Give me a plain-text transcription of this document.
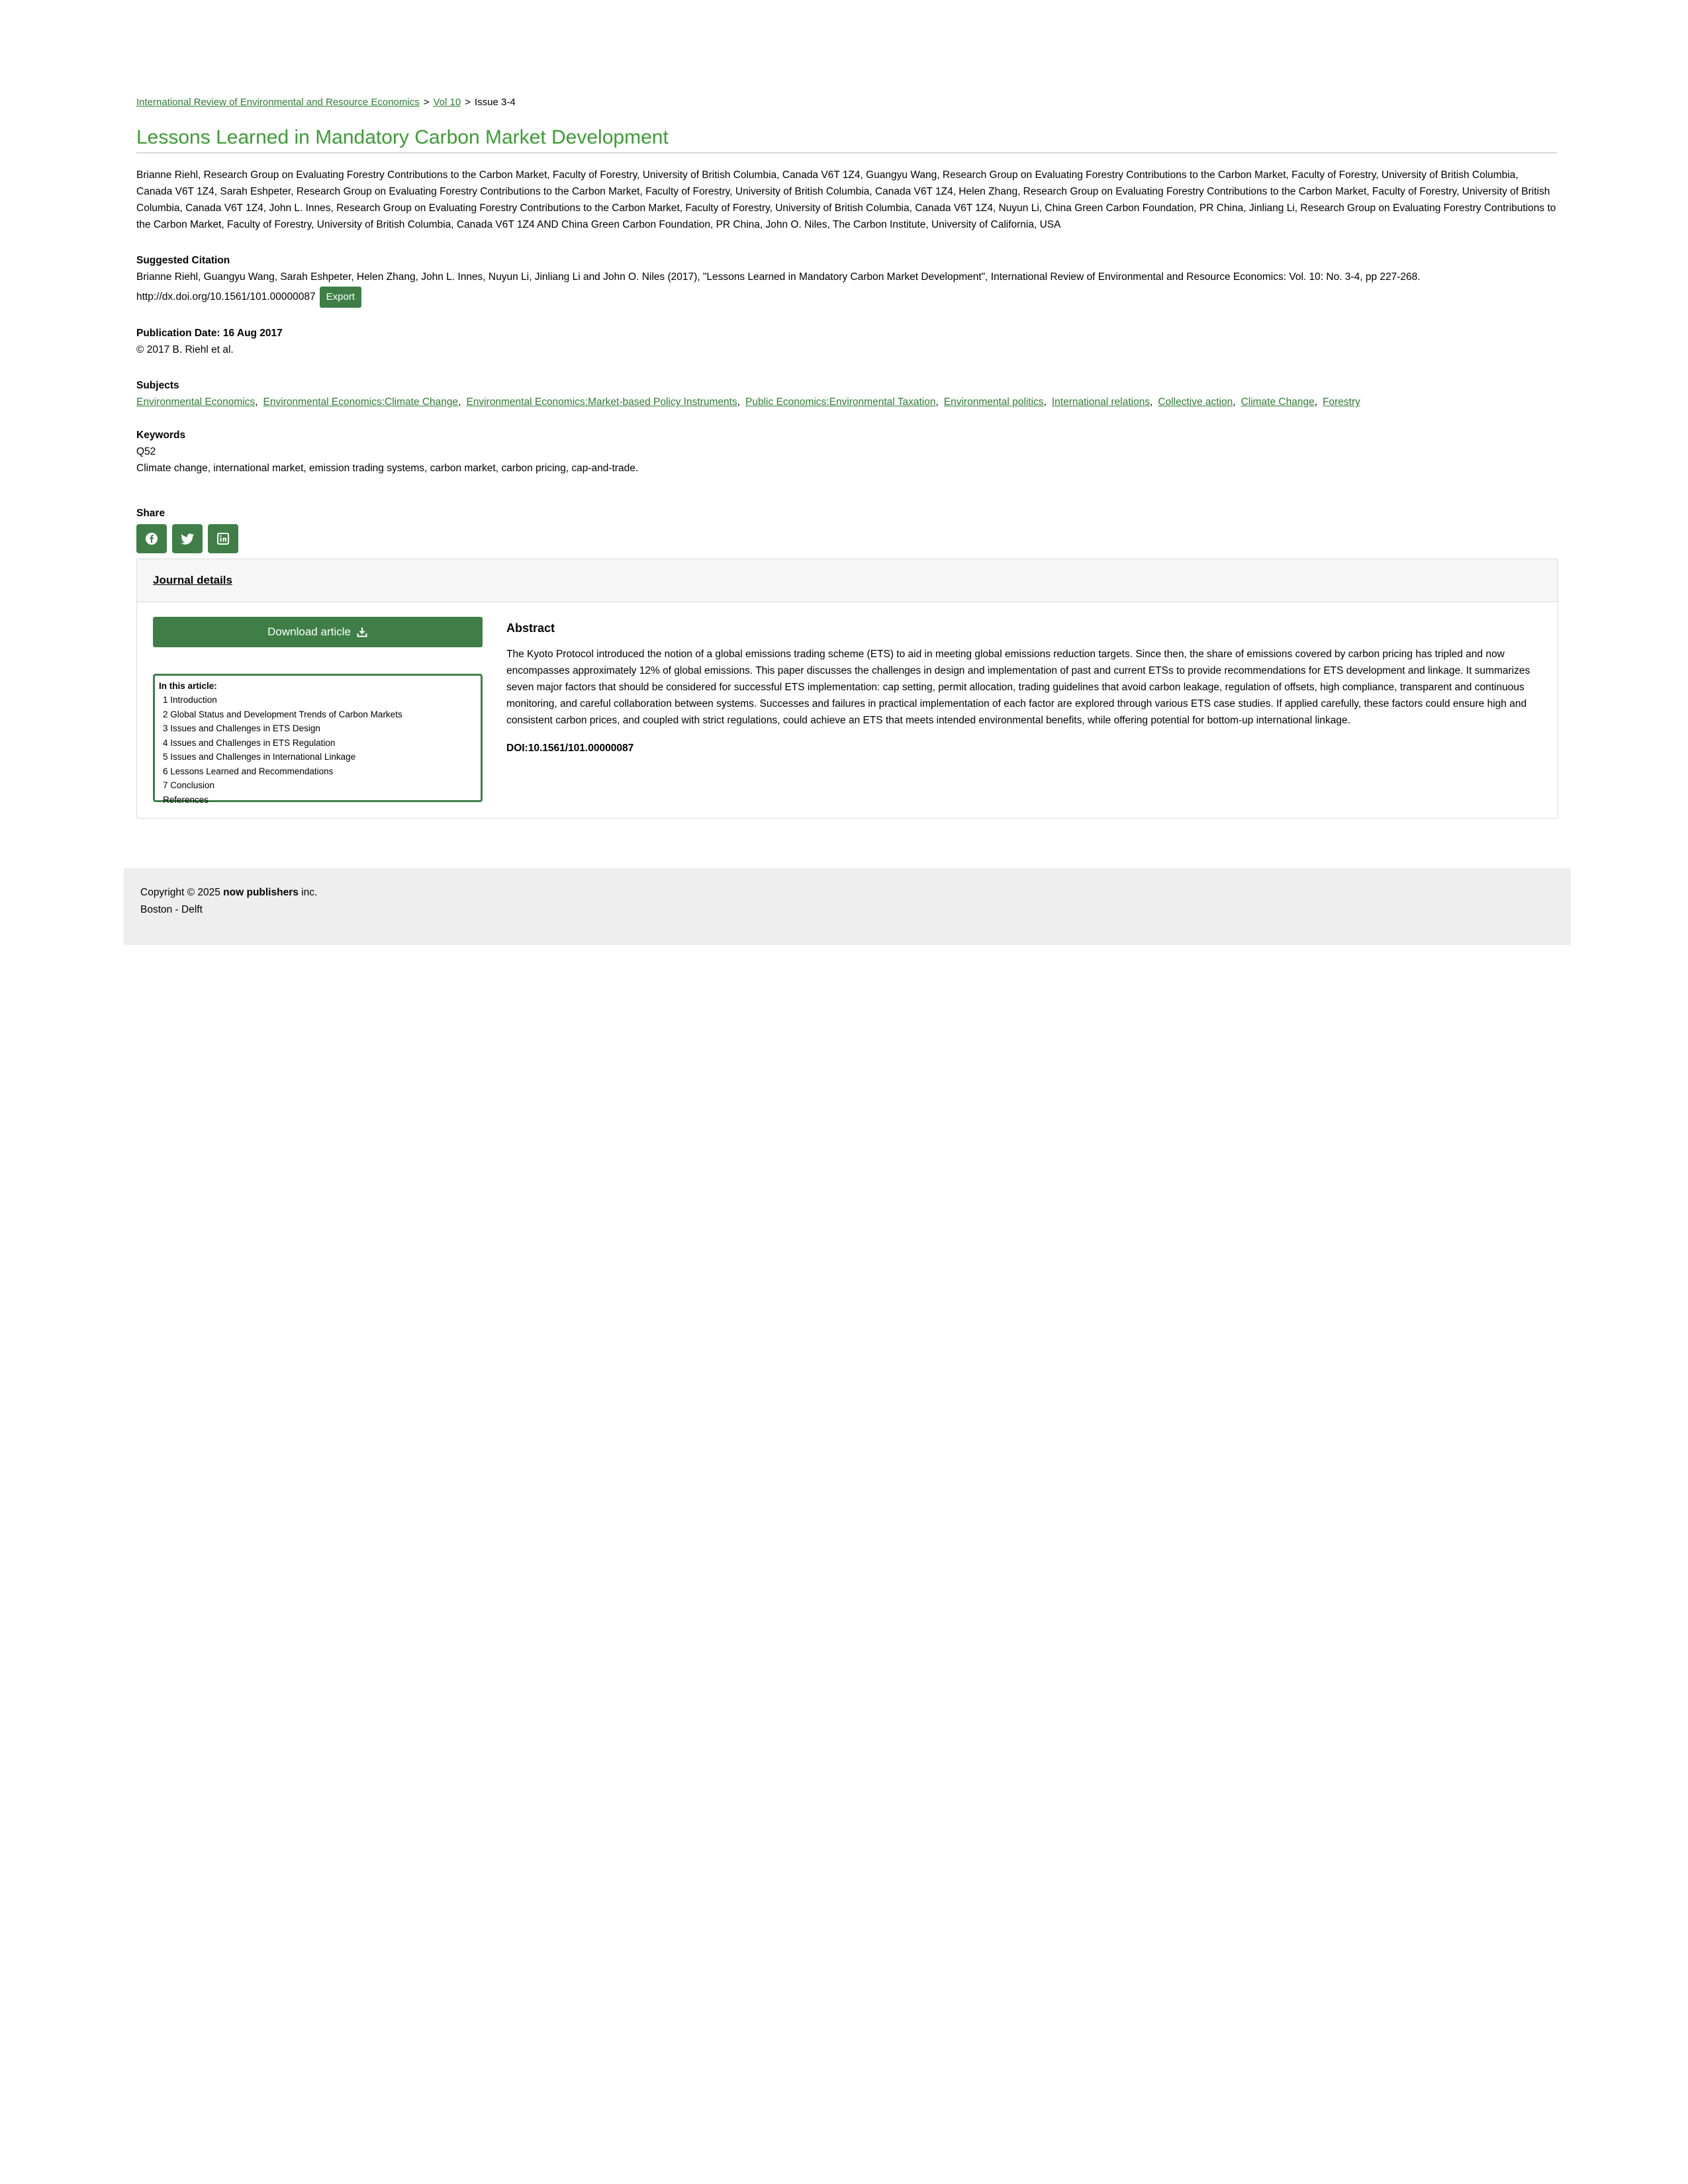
International Review of Environmental and Resource Economics > Vol 10 > Issue 3-4
Lessons Learned in Mandatory Carbon Market Development
Brianne Riehl, Research Group on Evaluating Forestry Contributions to the Carbon Market, Faculty of Forestry, University of British Columbia, Canada V6T 1Z4, Guangyu Wang, Research Group on Evaluating Forestry Contributions to the Carbon Market, Faculty of Forestry, University of British Columbia, Canada V6T 1Z4, Sarah Eshpeter, Research Group on Evaluating Forestry Contributions to the Carbon Market, Faculty of Forestry, University of British Columbia, Canada V6T 1Z4, Helen Zhang, Research Group on Evaluating Forestry Contributions to the Carbon Market, Faculty of Forestry, University of British Columbia, Canada V6T 1Z4, John L. Innes, Research Group on Evaluating Forestry Contributions to the Carbon Market, Faculty of Forestry, University of British Columbia, Canada V6T 1Z4, Nuyun Li, China Green Carbon Foundation, PR China, Jinliang Li, Research Group on Evaluating Forestry Contributions to the Carbon Market, Faculty of Forestry, University of British Columbia, Canada V6T 1Z4 AND China Green Carbon Foundation, PR China, John O. Niles, The Carbon Institute, University of California, USA
Suggested Citation
Brianne Riehl, Guangyu Wang, Sarah Eshpeter, Helen Zhang, John L. Innes, Nuyun Li, Jinliang Li and John O. Niles (2017), "Lessons Learned in Mandatory Carbon Market Development", International Review of Environmental and Resource Economics: Vol. 10: No. 3-4, pp 227-268.
http://dx.doi.org/10.1561/101.00000087	Export
Publication Date: 16 Aug 2017
© 2017 B. Riehl et al.
Subjects
Environmental Economics, Environmental Economics:Climate Change, Environmental Economics:Market-based Policy Instruments, Public Economics:Environmental Taxation, Environmental politics, International relations, Collective action, Climate Change, Forestry
Keywords
Q52
Climate change, international market, emission trading systems, carbon market, carbon pricing, cap-and-trade.
Share
Journal details
Download article
In this article:
1 Introduction
2 Global Status and Development Trends of Carbon Markets
3 Issues and Challenges in ETS Design
4 Issues and Challenges in ETS Regulation
5 Issues and Challenges in International Linkage
6 Lessons Learned and Recommendations
7 Conclusion
References
Abstract
The Kyoto Protocol introduced the notion of a global emissions trading scheme (ETS) to aid in meeting global emissions reduction targets. Since then, the share of emissions covered by carbon pricing has tripled and now encompasses approximately 12% of global emissions. This paper discusses the challenges in design and implementation of past and current ETSs to provide recommendations for ETS development and linkage. It summarizes seven major factors that should be considered for successful ETS implementation: cap setting, permit allocation, trading guidelines that avoid carbon leakage, regulation of offsets, high compliance, transparent and continuous monitoring, and careful collaboration between systems. Successes and failures in practical implementation of each factor are explored through various ETS case studies. If applied carefully, these factors could ensure high and consistent carbon prices, and coupled with strict regulations, could achieve an ETS that meets intended environmental benefits, while offering potential for bottom-up international linkage.
DOI:10.1561/101.00000087
Copyright © 2025 now publishers inc.
Boston - Delft
